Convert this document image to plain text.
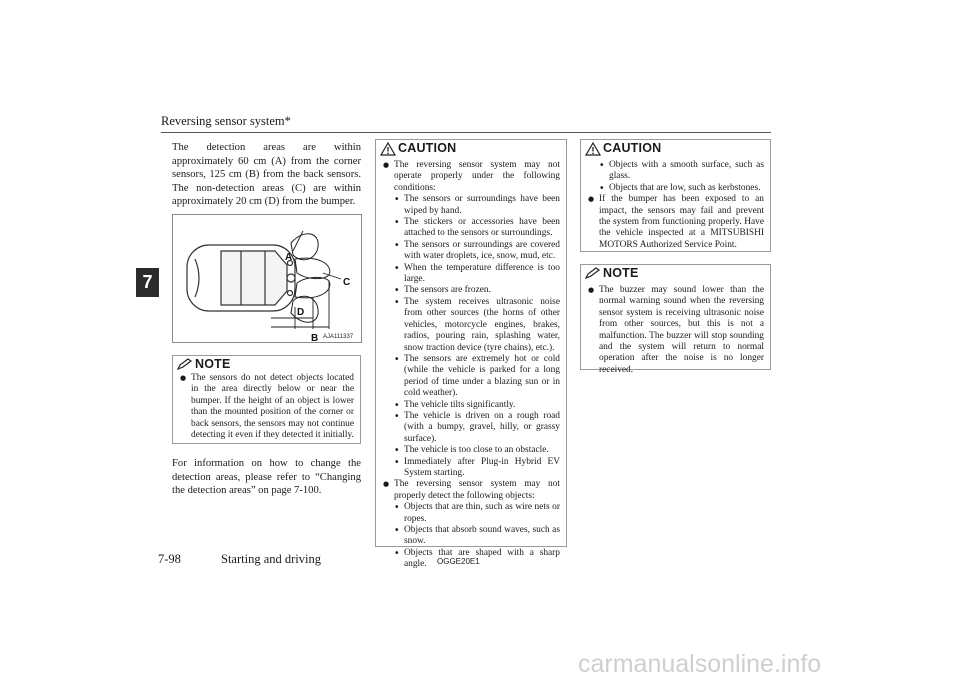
Reversing sensor system*
7
The detection areas are within approximately 60 cm (A) from the corner sensors, 125 cm (B) from the back sensors. The non-detection areas (C) are within approximately 20 cm (D) from the bumper.
A
B
C
D
AJA111337
NOTE

● The sensors do not detect objects located in the area directly below or near the bumper. If the height of an object is lower than the mounted position of the corner or back sensors, the sensors may not continue detecting it even if they detected it initially.

For information on how to change the detection areas, please refer to “Changing the detection areas” on page 7-100.
CAUTION

● The reversing sensor system may not operate properly under the following conditions:

• The sensors or surroundings have been wiped by hand.

• The stickers or accessories have been attached to the sensors or surroundings.

• The sensors or surroundings are covered with water droplets, ice, snow, mud, etc.

• When the temperature difference is too large.

• The sensors are frozen.

• The system receives ultrasonic noise from other sources (the horns of other vehicles, motorcycle engines, brakes, radios, pouring rain, splashing water, snow traction device (tyre chains), etc.).

• The sensors are extremely hot or cold (while the vehicle is parked for a long period of time under a blazing sun or in cold weather).

• The vehicle tilts significantly.

• The vehicle is driven on a rough road (with a bumpy, gravel, hilly, or grassy surface).

• The vehicle is too close to an obstacle.

• Immediately after Plug-in Hybrid EV System starting.

● The reversing sensor system may not properly detect the following objects:

• Objects that are thin, such as wire nets or ropes.

• Objects that absorb sound waves, such as snow.

• Objects that are shaped with a sharp angle.

CAUTION

• Objects with a smooth surface, such as glass.

• Objects that are low, such as kerbstones.

● If the bumper has been exposed to an impact, the sensors may fail and prevent the system from functioning properly. Have the vehicle inspected at a MITSUBISHI MOTORS Authorized Service Point.

NOTE

● The buzzer may sound lower than the normal warning sound when the reversing sensor system is receiving ultrasonic noise from other sources, but this is not a malfunction. The buzzer will stop sounding and the system will return to normal operation after the noise is no longer received.

7-98	Starting and driving	OGGE20E1
carmanualsonline.info
